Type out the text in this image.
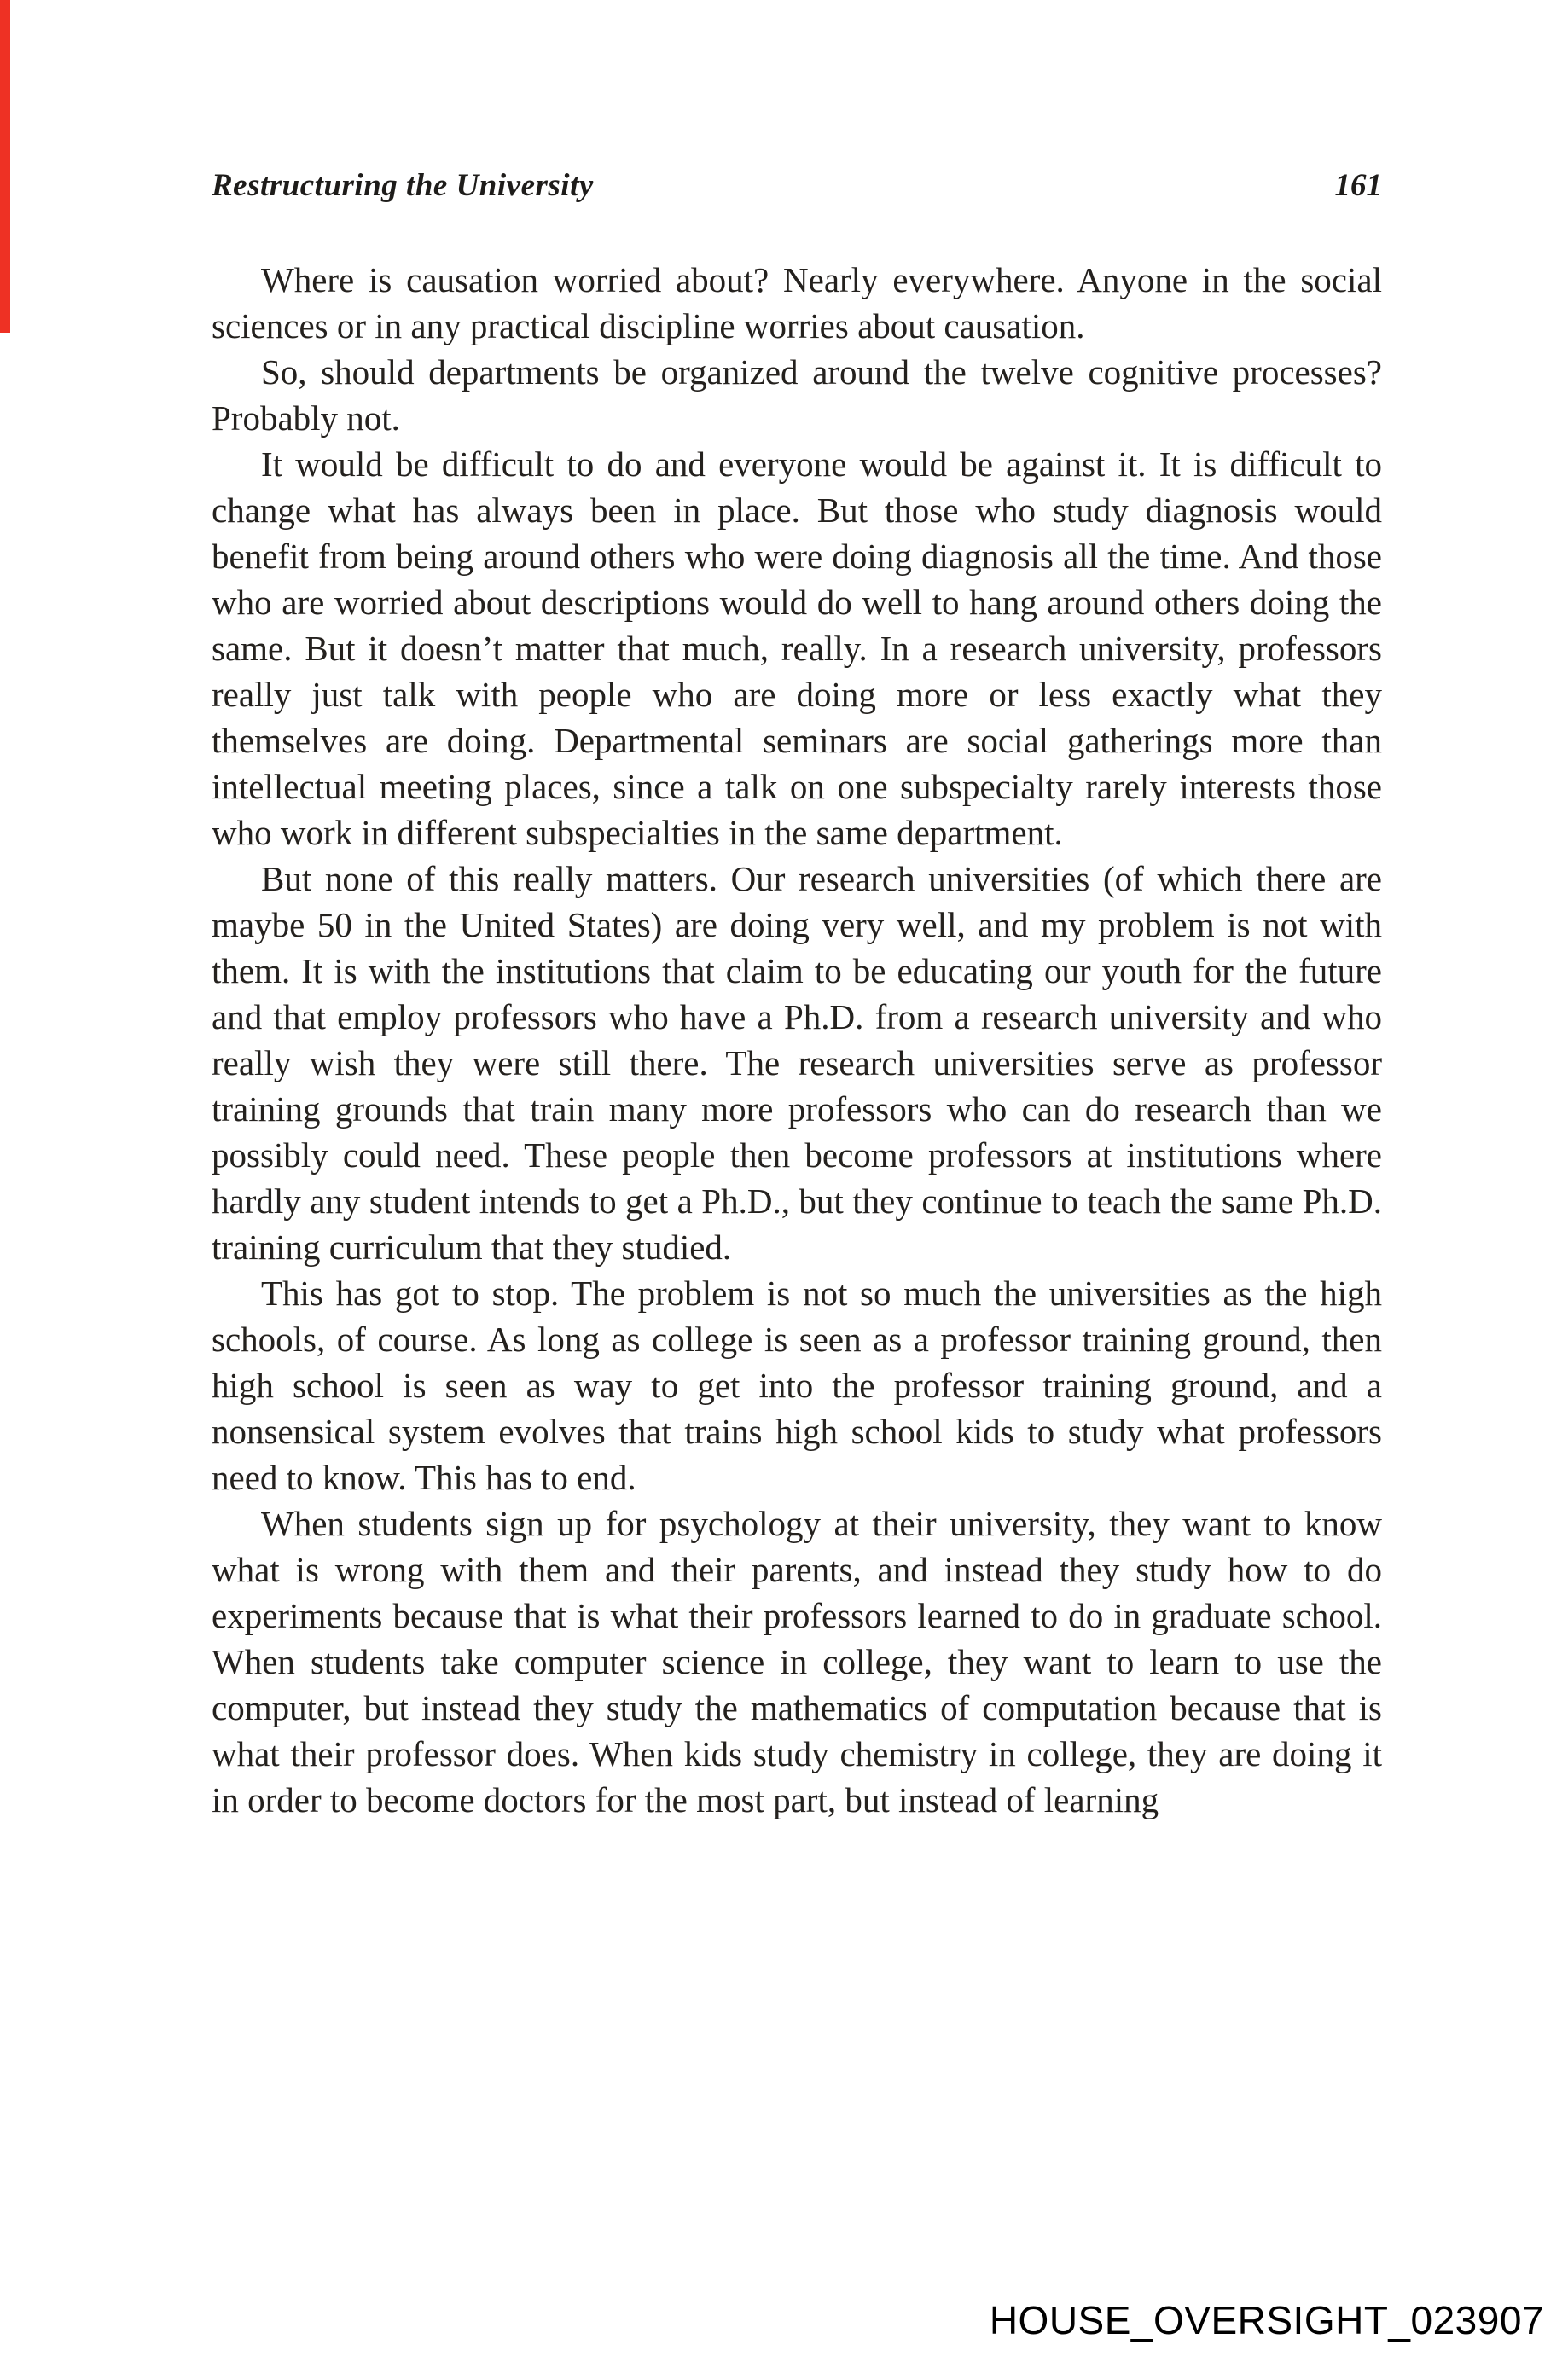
Restructuring the University	161

Where is causation worried about? Nearly everywhere. Anyone in the social sciences or in any practical discipline worries about causation.

So, should departments be organized around the twelve cognitive processes? Probably not.

It would be difficult to do and everyone would be against it. It is difficult to change what has always been in place. But those who study diagnosis would benefit from being around others who were doing diagnosis all the time. And those who are worried about descriptions would do well to hang around others doing the same. But it doesn’t matter that much, really. In a research university, professors really just talk with people who are doing more or less exactly what they themselves are doing. Departmental seminars are social gatherings more than intellectual meeting places, since a talk on one subspecialty rarely interests those who work in different subspecialties in the same department.

But none of this really matters. Our research universities (of which there are maybe 50 in the United States) are doing very well, and my problem is not with them. It is with the institutions that claim to be educating our youth for the future and that employ professors who have a Ph.D. from a research university and who really wish they were still there. The research universities serve as professor training grounds that train many more professors who can do research than we possibly could need. These people then become professors at institutions where hardly any student intends to get a Ph.D., but they continue to teach the same Ph.D. training curriculum that they studied.

This has got to stop. The problem is not so much the universities as the high schools, of course. As long as college is seen as a professor training ground, then high school is seen as way to get into the professor training ground, and a nonsensical system evolves that trains high school kids to study what professors need to know. This has to end.

When students sign up for psychology at their university, they want to know what is wrong with them and their parents, and instead they study how to do experiments because that is what their professors learned to do in graduate school. When students take computer science in college, they want to learn to use the computer, but instead they study the mathematics of computation because that is what their professor does. When kids study chemistry in college, they are doing it in order to become doctors for the most part, but instead of learning

HOUSE_OVERSIGHT_023907
